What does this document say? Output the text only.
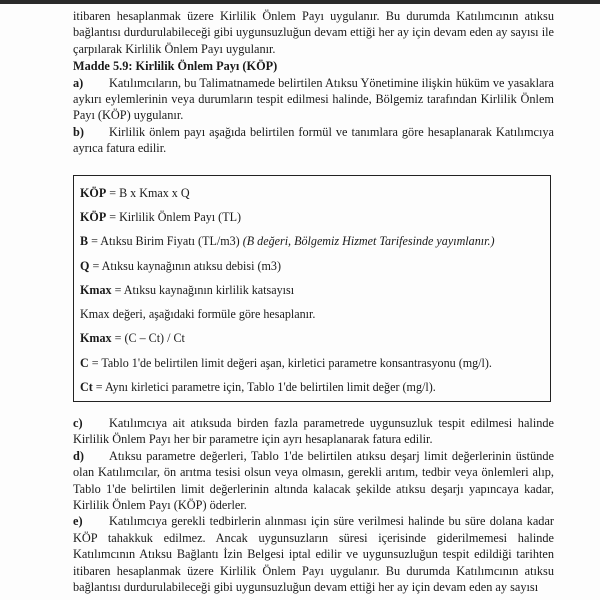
itibaren hesaplanmak üzere Kirlilik Önlem Payı uygulanır. Bu durumda Katılımcının atıksu bağlantısı durdurulabileceği gibi uygunsuzluğun devam ettiği her ay için devam eden ay sayısı ile çarpılarak Kirlilik Önlem Payı uygulanır.

Madde 5.9: Kirlilik Önlem Payı (KÖP)

a) Katılımcıların, bu Talimatnamede belirtilen Atıksu Yönetimine ilişkin hüküm ve yasaklara aykırı eylemlerinin veya durumların tespit edilmesi halinde, Bölgemiz tarafından Kirlilik Önlem Payı (KÖP) uygulanır.

b) Kirlilik önlem payı aşağıda belirtilen formül ve tanımlara göre hesaplanarak Katılımcıya ayrıca fatura edilir.

KÖP = B x Kmax x Q
KÖP = Kirlilik Önlem Payı (TL)
B = Atıksu Birim Fiyatı (TL/m3) (B değeri, Bölgemiz Hizmet Tarifesinde yayımlanır.)
Q = Atıksu kaynağının atıksu debisi (m3)
Kmax = Atıksu kaynağının kirlilik katsayısı
Kmax değeri, aşağıdaki formüle göre hesaplanır.
Kmax = (C – Ct) / Ct
C = Tablo 1'de belirtilen limit değeri aşan, kirletici parametre konsantrasyonu (mg/l).
Ct = Aynı kirletici parametre için, Tablo 1'de belirtilen limit değer (mg/l).

c) Katılımcıya ait atıksuda birden fazla parametrede uygunsuzluk tespit edilmesi halinde Kirlilik Önlem Payı her bir parametre için ayrı hesaplanarak fatura edilir.

d) Atıksu parametre değerleri, Tablo 1'de belirtilen atıksu deşarj limit değerlerinin üstünde olan Katılımcılar, ön arıtma tesisi olsun veya olmasın, gerekli arıtım, tedbir veya önlemleri alıp, Tablo 1'de belirtilen limit değerlerinin altında kalacak şekilde atıksu deşarjı yapıncaya kadar, Kirlilik Önlem Payı (KÖP) öderler.

e) Katılımcıya gerekli tedbirlerin alınması için süre verilmesi halinde bu süre dolana kadar KÖP tahakkuk edilmez. Ancak uygunsuzların süresi içerisinde giderilmemesi halinde Katılımcının Atıksu Bağlantı İzin Belgesi iptal edilir ve uygunsuzluğun tespit edildiği tarihten itibaren hesaplanmak üzere Kirlilik Önlem Payı uygulanır. Bu durumda Katılımcının atıksu bağlantısı durdurulabileceği gibi uygunsuzluğun devam ettiği her ay için devam eden ay sayısı
